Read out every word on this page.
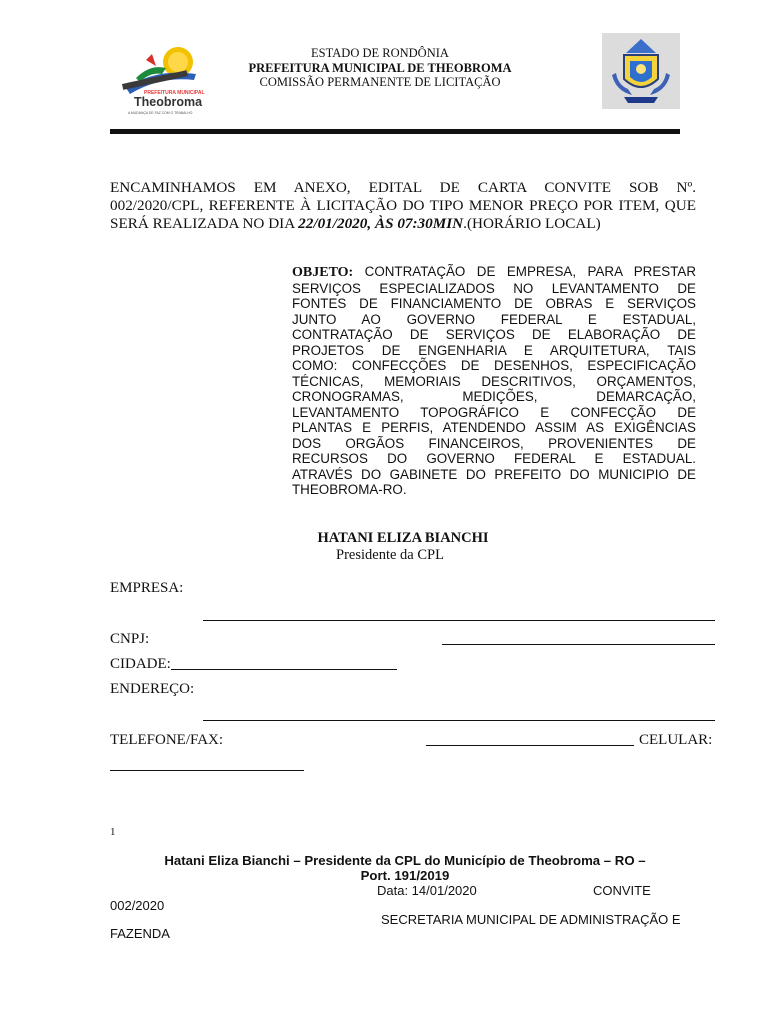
PREFEITURA MUNICIPAL
Theobroma
A MUDANÇA DE FAZ COM O TRABALHO
ESTADO DE RONDÔNIA
PREFEITURA MUNICIPAL DE THEOBROMA
COMISSÃO PERMANENTE DE LICITAÇÃO

ENCAMINHAMOS EM ANEXO, EDITAL DE CARTA CONVITE SOB Nº.

002/2020/CPL, REFERENTE À LICITAÇÃO DO TIPO MENOR PREÇO POR ITEM, QUE

SERÁ REALIZADA NO DIA 22/01/2020, ÀS 07:30MIN.(HORÁRIO LOCAL)

OBJETO: CONTRATAÇÃO DE EMPRESA, PARA PRESTAR
SERVIÇOS ESPECIALIZADOS NO LEVANTAMENTO DE
FONTES DE FINANCIAMENTO DE OBRAS E SERVIÇOS
JUNTO AO GOVERNO FEDERAL E ESTADUAL,
CONTRATAÇÃO DE SERVIÇOS DE ELABORAÇÃO DE
PROJETOS DE ENGENHARIA E ARQUITETURA, TAIS
COMO: CONFECÇÕES DE DESENHOS, ESPECIFICAÇÃO
TÉCNICAS, MEMORIAIS DESCRITIVOS, ORÇAMENTOS,
CRONOGRAMAS, MEDIÇÕES, DEMARCAÇÃO,
LEVANTAMENTO TOPOGRÁFICO E CONFECÇÃO DE
PLANTAS E PERFIS, ATENDENDO ASSIM AS EXIGÊNCIAS
DOS ORGÃOS FINANCEIROS, PROVENIENTES DE
RECURSOS DO GOVERNO FEDERAL E ESTADUAL.
ATRAVÉS DO GABINETE DO PREFEITO DO MUNICIPIO DE
THEOBROMA-RO.
HATANI ELIZA BIANCHI
Presidente da CPL
EMPRESA:
CNPJ:
CIDADE:
ENDEREÇO:
TELEFONE/FAX:	CELULAR:
1
Hatani Eliza Bianchi – Presidente da CPL do Município de Theobroma – RO –
Port. 191/2019
Data: 14/01/2020	CONVITE
002/2020
SECRETARIA MUNICIPAL DE ADMINISTRAÇÃO E
FAZENDA
